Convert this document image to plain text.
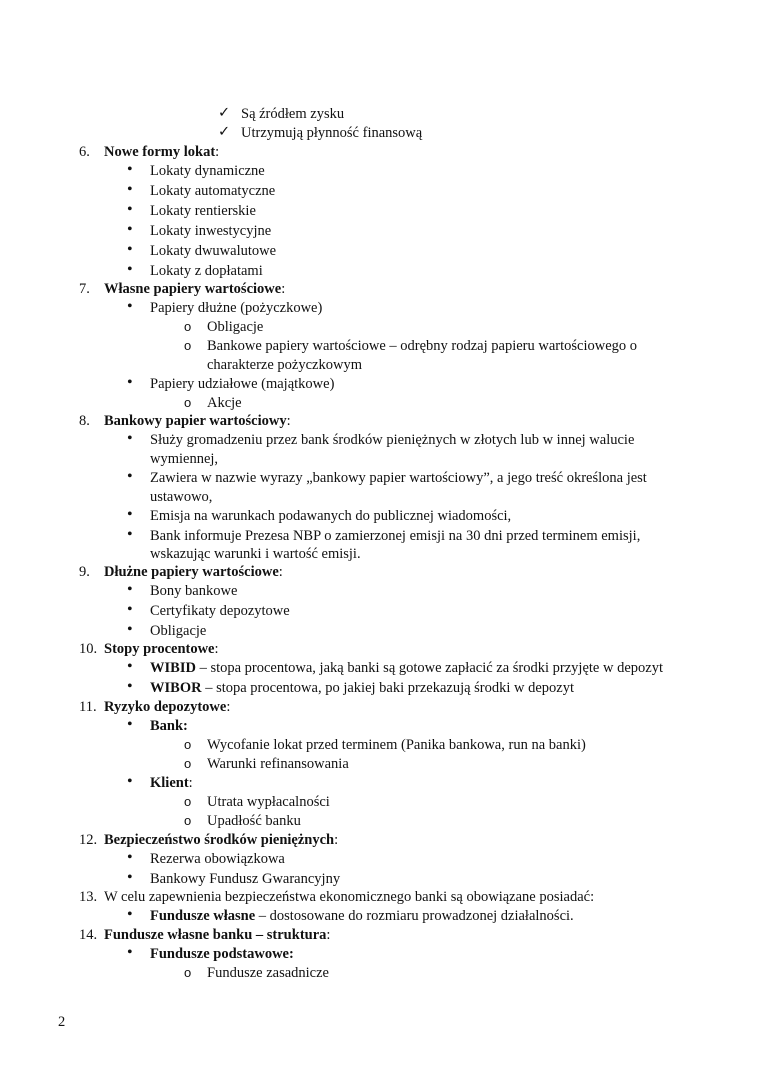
✓ Są źródłem zysku
✓ Utrzymują płynność finansową
6. Nowe formy lokat:
• Lokaty dynamiczne
• Lokaty automatyczne
• Lokaty rentierskie
• Lokaty inwestycyjne
• Lokaty dwuwalutowe
• Lokaty z dopłatami
7. Własne papiery wartościowe:
• Papiery dłużne (pożyczkowe)
o Obligacje
o Bankowe papiery wartościowe – odrębny rodzaj papieru wartościowego o
charakterze pożyczkowym
• Papiery udziałowe (majątkowe)
o Akcje
8. Bankowy papier wartościowy:
• Służy gromadzeniu przez bank środków pieniężnych w złotych lub w innej walucie
wymiennej,
• Zawiera w nazwie wyrazy „bankowy papier wartościowy”, a jego treść określona jest
ustawowo,
• Emisja na warunkach podawanych do publicznej wiadomości,
• Bank informuje Prezesa NBP o zamierzonej emisji na 30 dni przed terminem emisji,
wskazując warunki i wartość emisji.
9. Dłużne papiery wartościowe:
• Bony bankowe
• Certyfikaty depozytowe
• Obligacje
10. Stopy procentowe:
• WIBID – stopa procentowa, jaką banki są gotowe zapłacić za środki przyjęte w depozyt
• WIBOR – stopa procentowa, po jakiej baki przekazują środki w depozyt
11. Ryzyko depozytowe:
• Bank:
o Wycofanie lokat przed terminem (Panika bankowa, run na banki)
o Warunki refinansowania
• Klient:
o Utrata wypłacalności
o Upadłość banku
12. Bezpieczeństwo środków pieniężnych:
• Rezerwa obowiązkowa
• Bankowy Fundusz Gwarancyjny
13. W celu zapewnienia bezpieczeństwa ekonomicznego banki są obowiązane posiadać:
• Fundusze własne – dostosowane do rozmiaru prowadzonej działalności.
14. Fundusze własne banku – struktura:
• Fundusze podstawowe:
o Fundusze zasadnicze
2
